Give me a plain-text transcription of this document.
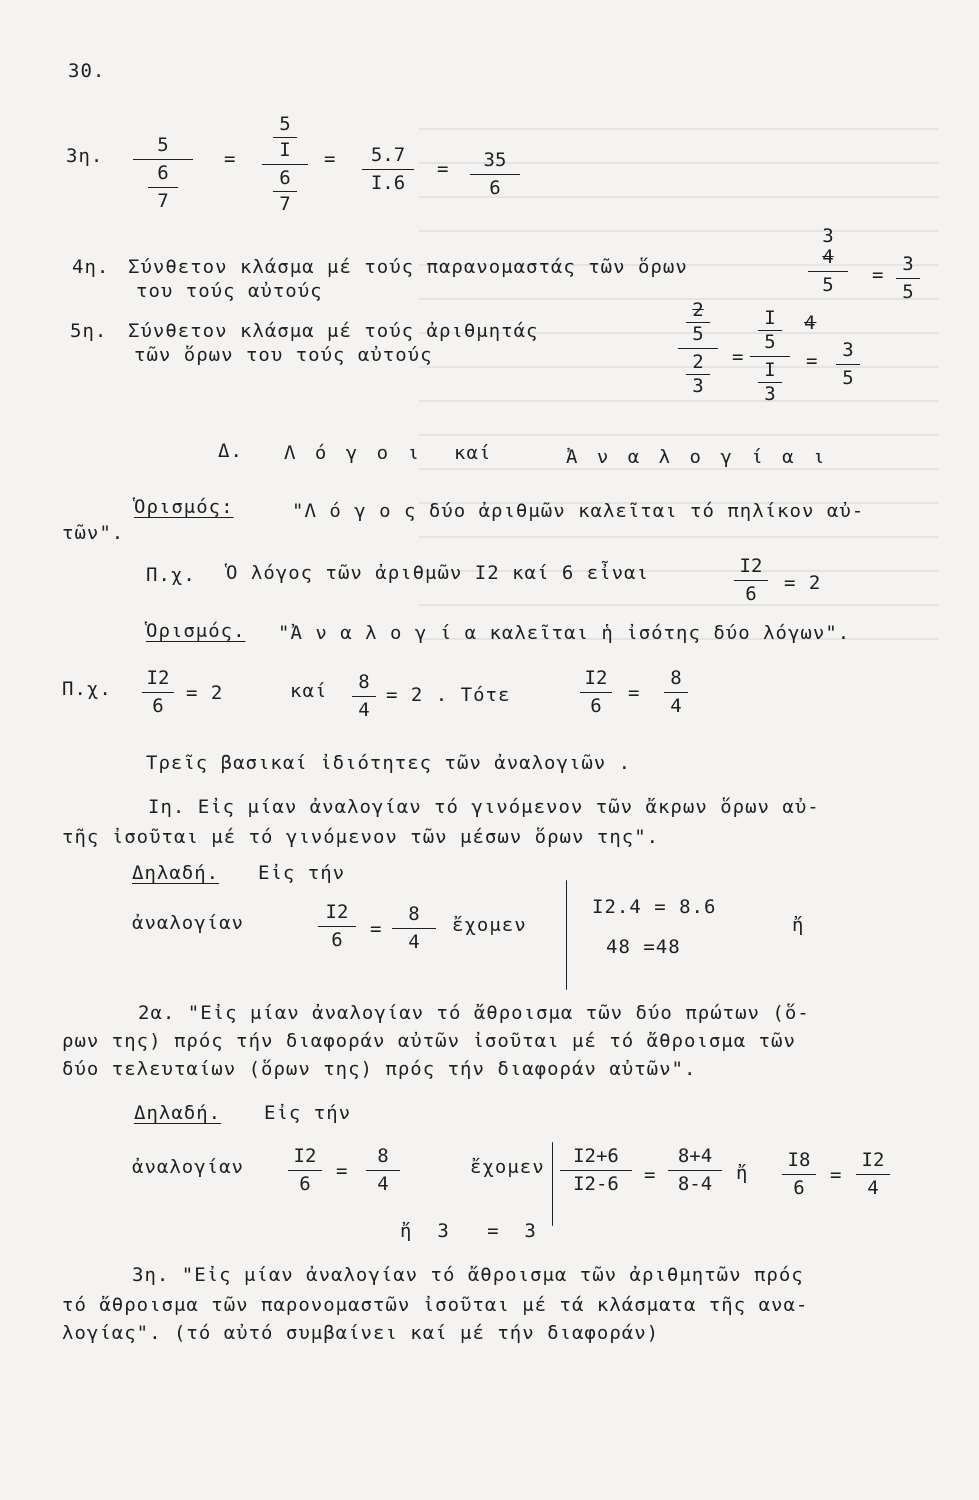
30.
3η.	5
6
7
=
5
I
6
7
= 5.7
I.6
= 35
6
4η. Σύνθετον κλάσμα μέ τούς παρανομαστάς τῶν ὅρων
του τούς αὐτούς
3
4
5 = 3
5
5η. Σύνθετον κλάσμα μέ τούς ἀριθμητάς
τῶν ὅρων του τούς αὐτούς
2
5
2
3
=
I
5
I
3
4
= 3
5
Δ. Λ ό γ ο ι καί	Ἀ ν α λ ο γ ί α ι
Ὁρισμός:	"Λ ό γ ο ς δύο ἀριθμῶν καλεῖται τό πηλίκον αὐ-
τῶν".
Π.χ. Ὁ λόγος τῶν ἀριθμῶν I2 καί 6 εἶναι	I2
6 = 2
Ὁρισμός. "Ἀ ν α λ ο γ ί α καλεῖται ἡ ἰσότης δύο λόγων".
Π.χ. I2
6
= 2	καί 8
4
= 2 . Τότε
I2
6
=
8
4
Τρεῖς βασικαί ἰδιότητες τῶν ἀναλογιῶν .
Iη. Εἰς μίαν ἀναλογίαν τό γινόμενον τῶν ἄκρων ὅρων αὐ-
τῆς ἰσοῦται μέ τό γινόμενον τῶν μέσων ὅρων της".
Δηλαδή. Εἰς τήν
ἀναλογίαν	I2
6 =
8
4
ἔχομεν
I2.4 = 8.6
48 =48
ἤ
2α. "Εἰς μίαν ἀναλογίαν τό ἄθροισμα τῶν δύο πρώτων (ὅ-
ρων της) πρός τήν διαφοράν αὐτῶν ἰσοῦται μέ τό ἄθροισμα τῶν
δύο τελευταίων (ὅρων της) πρός τήν διαφοράν αὐτῶν".
Δηλαδή. Εἰς τήν
ἀναλογίαν	I2
6
=
8
4
ἔχομεν I2+6
I2-6 =
8+4
8-4 ἤ
I8
6
=
I2
4
ἤ  3   =  3
3η. "Εἰς μίαν ἀναλογίαν τό ἄθροισμα τῶν ἀριθμητῶν πρός
τό ἄθροισμα τῶν παρονομαστῶν ἰσοῦται μέ τά κλάσματα τῆς ανα-
λογίας". (τό αὐτό συμβαίνει καί μέ τήν διαφοράν)
